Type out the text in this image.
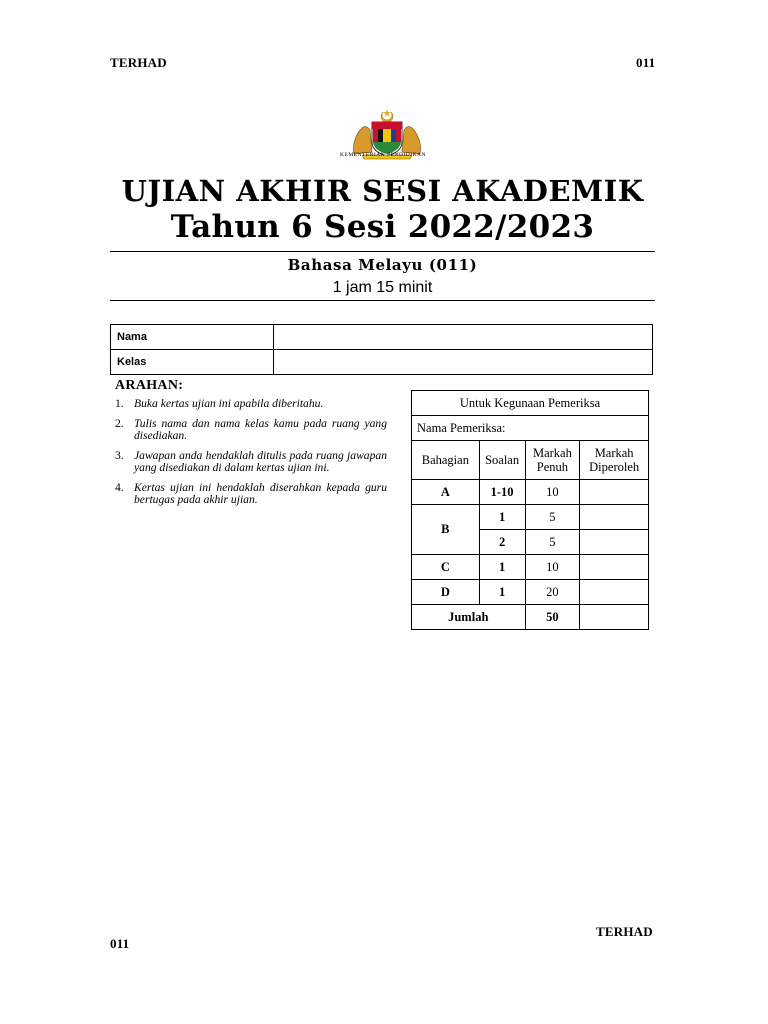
TERHAD	011
KEMENTERIAN PENDIDIKAN
UJIAN AKHIR SESI AKADEMIK
Tahun 6 Sesi 2022/2023
Bahasa Melayu (011)
1 jam 15 minit
Nama	
Kelas	
ARAHAN:
1. Buka kertas ujian ini apabila diberitahu.
2. Tulis nama dan nama kelas kamu pada ruang yang disediakan.
3. Jawapan anda hendaklah ditulis pada ruang jawapan yang disediakan di dalam kertas ujian ini.
4. Kertas ujian ini hendaklah diserahkan kepada guru bertugas pada akhir ujian.
Untuk Kegunaan Pemeriksa			
Nama Pemeriksa:			
Bahagian	Soalan	Markah Penuh	Markah Diperoleh
A	1-10	10	
B	1	5	
	2	5	
C	1	10	
D	1	20	
Jumlah		50	
TERHAD
011
